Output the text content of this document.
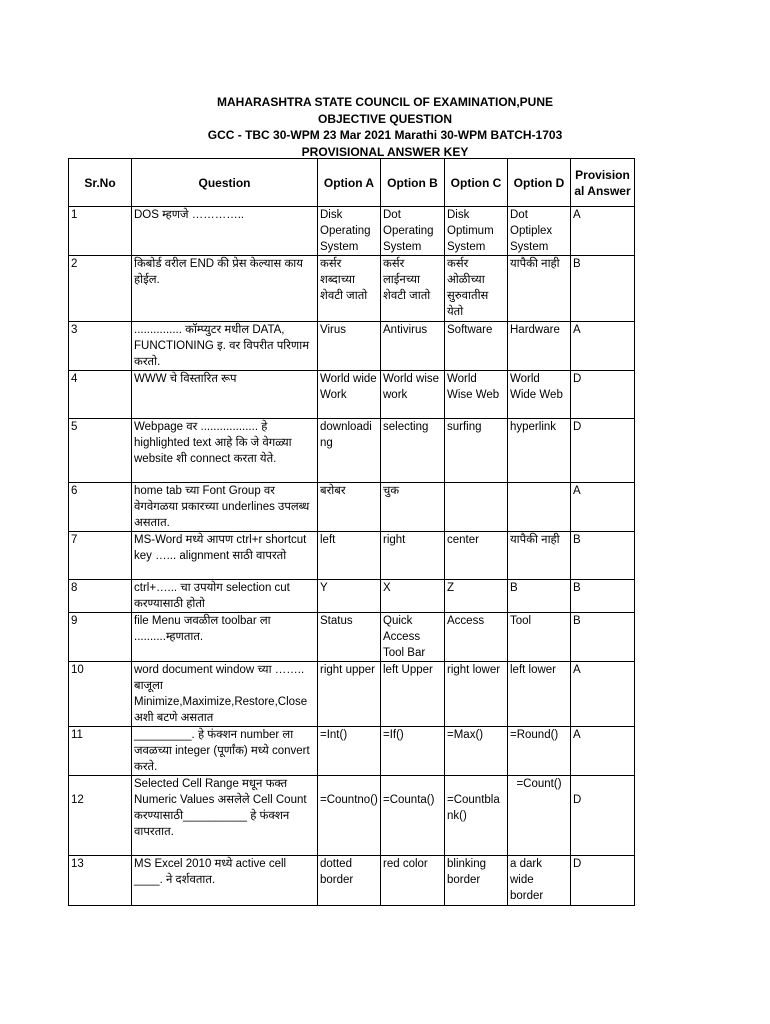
MAHARASHTRA STATE COUNCIL OF EXAMINATION,PUNE
OBJECTIVE QUESTION
GCC - TBC 30-WPM 23 Mar 2021 Marathi 30-WPM BATCH-1703
PROVISIONAL ANSWER KEY
Sr.No	Question	Option A	Option B	Option C	Option D	Provisional Answer
1	DOS म्हणजे …………..	Disk Operating System	Dot Operating System	Disk Optimum System	Dot Optiplex System	A
2	किबोर्ड वरील END की प्रेस केल्यास काय होईल.	कर्सर शब्दाच्या शेवटी जातो	कर्सर लाईनच्या शेवटी जातो	कर्सर ओळीच्या सुरुवातीस येतो	यापैकी नाही	B
3	............... कॉम्प्युटर मधील DATA, FUNCTIONING इ. वर विपरीत परिणाम करतो.	Virus	Antivirus	Software	Hardware	A
4	WWW चे विस्तारित रूप	World wide Work	World wise work	World Wise Web	World Wide Web	D
5	Webpage वर .................. हे highlighted text आहे कि जे वेगळ्या website शी connect करता येते.	downloading	selecting	surfing	hyperlink	D
6	home tab च्या Font Group वर वेगवेगळया प्रकारच्या underlines उपलब्ध असतात.	बरोबर	चुक			A
7	MS-Word मध्ये आपण ctrl+r shortcut key …... alignment साठी वापरतो	left	right	center	यापैकी नाही	B
8	ctrl+…... चा उपयोग selection cut करण्यासाठी होतो	Y	X	Z	B	B
9	file Menu जवळील toolbar ला ..........म्हणतात.	Status	Quick Access Tool Bar	Access	Tool	B
10	word document window च्या …….. बाजूला Minimize,Maximize,Restore,Close अशी बटणे असतात	right upper	left Upper	right lower	left lower	A
11	_________. हे फंक्शन number ला जवळच्या integer (पूर्णांक) मध्ये convert करते.	=Int()	=If()	=Max()	=Round()	A
12	Selected Cell Range मधून फक्त Numeric Values असलेले Cell Count करण्यासाठी__________ हे फंक्शन वापरतात.	=Countno()	=Counta()	=Countblank()	=Count()	D
13	MS Excel 2010 मध्ये active cell ____. ने दर्शवतात.	dotted border	red color	blinking border	a dark wide border	D
